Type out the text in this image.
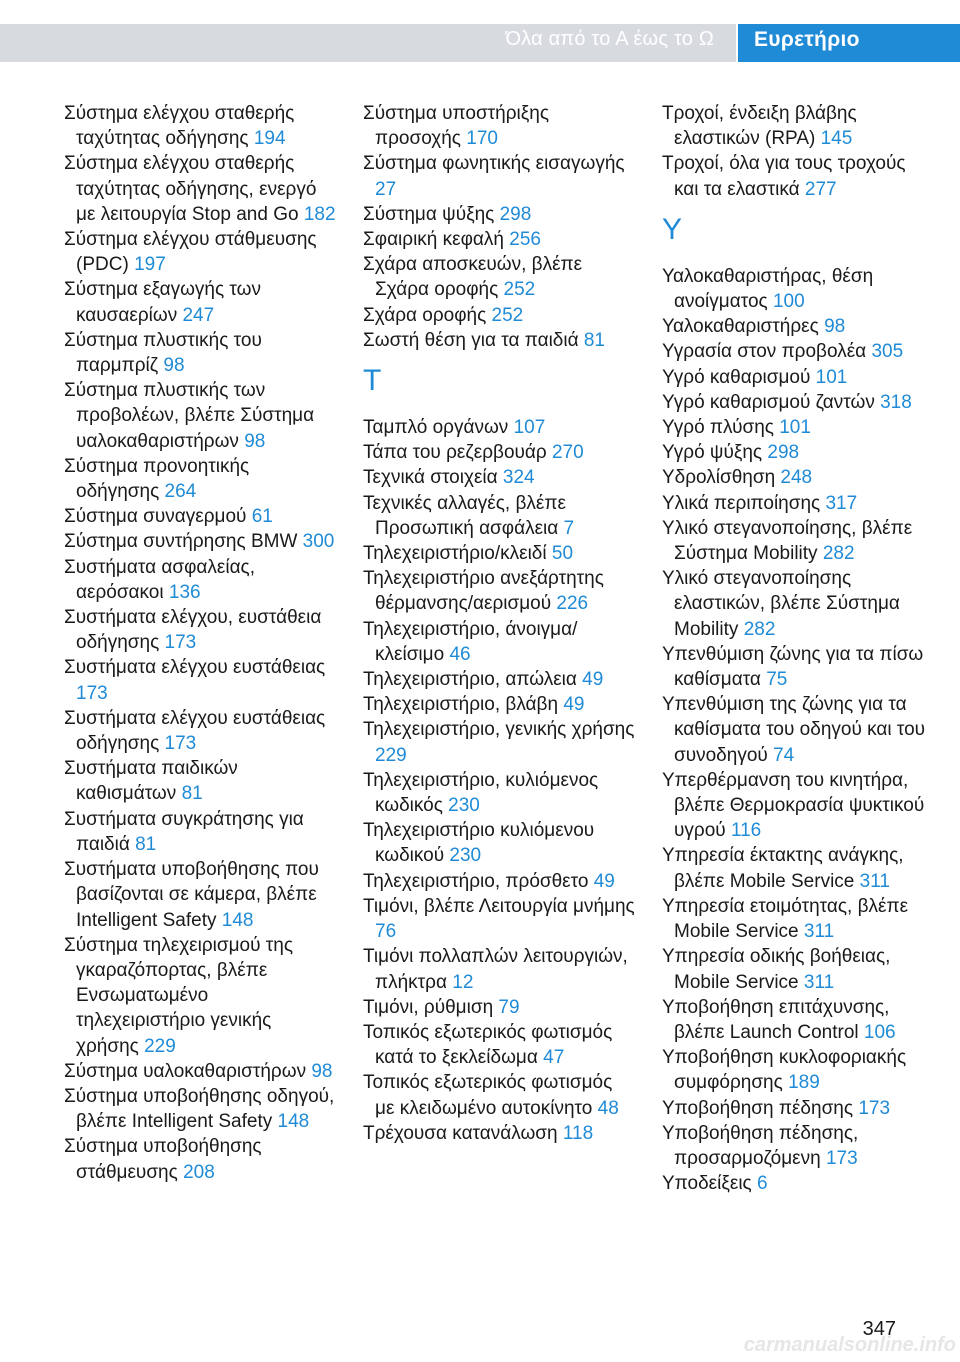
Όλα από το Α έως το Ω Ευρετήριο
Σύστημα ελέγχου σταθερής ταχύτητας οδήγησης 194
Σύστημα ελέγχου σταθερής ταχύτητας οδήγησης, ενεργό με λειτουργία Stop and Go 182
Σύστημα ελέγχου στάθμευσης (PDC) 197
Σύστημα εξαγωγής των καυσαερίων 247
Σύστημα πλυστικής του παρμπρίζ 98
Σύστημα πλυστικής των προβολέων, βλέπε Σύστημα υαλοκαθαριστήρων 98
Σύστημα προνοητικής οδήγησης 264
Σύστημα συναγερμού 61
Σύστημα συντήρησης BMW 300
Συστήματα ασφαλείας, αερόσακοι 136
Συστήματα ελέγχου, ευστάθεια οδήγησης 173
Συστήματα ελέγχου ευστάθειας 173
Συστήματα ελέγχου ευστάθειας οδήγησης 173
Συστήματα παιδικών καθισμάτων 81
Συστήματα συγκράτησης για παιδιά 81
Συστήματα υποβοήθησης που βασίζονται σε κάμερα, βλέπε Intelligent Safety 148
Σύστημα τηλεχειρισμού της γκαραζόπορτας, βλέπε Ενσωματωμένο τηλεχειριστήριο γενικής χρήσης 229
Σύστημα υαλοκαθαριστήρων 98
Σύστημα υποβοήθησης οδηγού, βλέπε Intelligent Safety 148
Σύστημα υποβοήθησης στάθμευσης 208
Σύστημα υποστήριξης προσοχής 170
Σύστημα φωνητικής εισαγωγής 27
Σύστημα ψύξης 298
Σφαιρική κεφαλή 256
Σχάρα αποσκευών, βλέπε Σχάρα οροφής 252
Σχάρα οροφής 252
Σωστή θέση για τα παιδιά 81
Τ
Ταμπλό οργάνων 107
Τάπα του ρεζερβουάρ 270
Τεχνικά στοιχεία 324
Τεχνικές αλλαγές, βλέπε Προσωπική ασφάλεια 7
Τηλεχειριστήριο/κλειδί 50
Τηλεχειριστήριο ανεξάρτητης θέρμανσης/αερισμού 226
Τηλεχειριστήριο, άνοιγμα/κλείσιμο 46
Τηλεχειριστήριο, απώλεια 49
Τηλεχειριστήριο, βλάβη 49
Τηλεχειριστήριο, γενικής χρήσης 229
Τηλεχειριστήριο, κυλιόμενος κωδικός 230
Τηλεχειριστήριο κυλιόμενου κωδικού 230
Τηλεχειριστήριο, πρόσθετο 49
Τιμόνι, βλέπε Λειτουργία μνήμης 76
Τιμόνι πολλαπλών λειτουργιών, πλήκτρα 12
Τιμόνι, ρύθμιση 79
Τοπικός εξωτερικός φωτισμός κατά το ξεκλείδωμα 47
Τοπικός εξωτερικός φωτισμός με κλειδωμένο αυτοκίνητο 48
Τρέχουσα κατανάλωση 118
Τροχοί, ένδειξη βλάβης ελαστικών (RPA) 145
Τροχοί, όλα για τους τροχούς και τα ελαστικά 277
Υ
Υαλοκαθαριστήρας, θέση ανοίγματος 100
Υαλοκαθαριστήρες 98
Υγρασία στον προβολέα 305
Υγρό καθαρισμού 101
Υγρό καθαρισμού ζαντών 318
Υγρό πλύσης 101
Υγρό ψύξης 298
Υδρολίσθηση 248
Υλικά περιποίησης 317
Υλικό στεγανοποίησης, βλέπε Σύστημα Mobility 282
Υλικό στεγανοποίησης ελαστικών, βλέπε Σύστημα Mobility 282
Υπενθύμιση ζώνης για τα πίσω καθίσματα 75
Υπενθύμιση της ζώνης για τα καθίσματα του οδηγού και του συνοδηγού 74
Υπερθέρμανση του κινητήρα, βλέπε Θερμοκρασία ψυκτικού υγρού 116
Υπηρεσία έκτακτης ανάγκης, βλέπε Mobile Service 311
Υπηρεσία ετοιμότητας, βλέπε Mobile Service 311
Υπηρεσία οδικής βοήθειας, Mobile Service 311
Υποβοήθηση επιτάχυνσης, βλέπε Launch Control 106
Υποβοήθηση κυκλοφοριακής συμφόρησης 189
Υποβοήθηση πέδησης 173
Υποβοήθηση πέδησης, προσαρμοζόμενη 173
Υποδείξεις 6
347
Online Edition for Part no. 01402977636 - II/17 carmanualsonline.info
